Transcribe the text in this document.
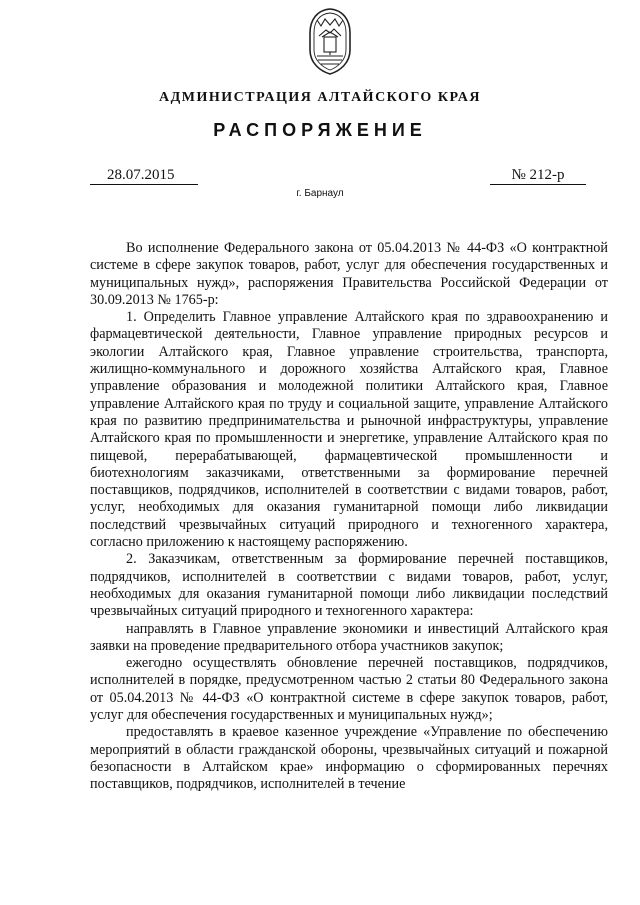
АДМИНИСТРАЦИЯ АЛТАЙСКОГО КРАЯ
РАСПОРЯЖЕНИЕ
28.07.2015	№ 212-р
г. Барнаул

Во исполнение Федерального закона от 05.04.2013 № 44-ФЗ «О контрактной системе в сфере закупок товаров, работ, услуг для обеспечения государственных и муниципальных нужд», распоряжения Правительства Российской Федерации от 30.09.2013 № 1765-р:

1. Определить Главное управление Алтайского края по здравоохранению и фармацевтической деятельности, Главное управление природных ресурсов и экологии Алтайского края, Главное управление строительства, транспорта, жилищно-коммунального и дорожного хозяйства Алтайского края, Главное управление образования и молодежной политики Алтайского края, Главное управление Алтайского края по труду и социальной защите, управление Алтайского края по развитию предпринимательства и рыночной инфраструктуры, управление Алтайского края по промышленности и энергетике, управление Алтайского края по пищевой, перерабатывающей, фармацевтической промышленности и биотехнологиям заказчиками, ответственными за формирование перечней поставщиков, подрядчиков, исполнителей в соответствии с видами товаров, работ, услуг, необходимых для оказания гуманитарной помощи либо ликвидации последствий чрезвычайных ситуаций природного и техногенного характера, согласно приложению к настоящему распоряжению.

2. Заказчикам, ответственным за формирование перечней поставщиков, подрядчиков, исполнителей в соответствии с видами товаров, работ, услуг, необходимых для оказания гуманитарной помощи либо ликвидации последствий чрезвычайных ситуаций природного и техногенного характера:

направлять в Главное управление экономики и инвестиций Алтайского края заявки на проведение предварительного отбора участников закупок;

ежегодно осуществлять обновление перечней поставщиков, подрядчиков, исполнителей в порядке, предусмотренном частью 2 статьи 80 Федерального закона от 05.04.2013 № 44-ФЗ «О контрактной системе в сфере закупок товаров, работ, услуг для обеспечения государственных и муниципальных нужд»;

предоставлять в краевое казенное учреждение «Управление по обеспечению мероприятий в области гражданской обороны, чрезвычайных ситуаций и пожарной безопасности в Алтайском крае» информацию о сформированных перечнях поставщиков, подрядчиков, исполнителей в течение
